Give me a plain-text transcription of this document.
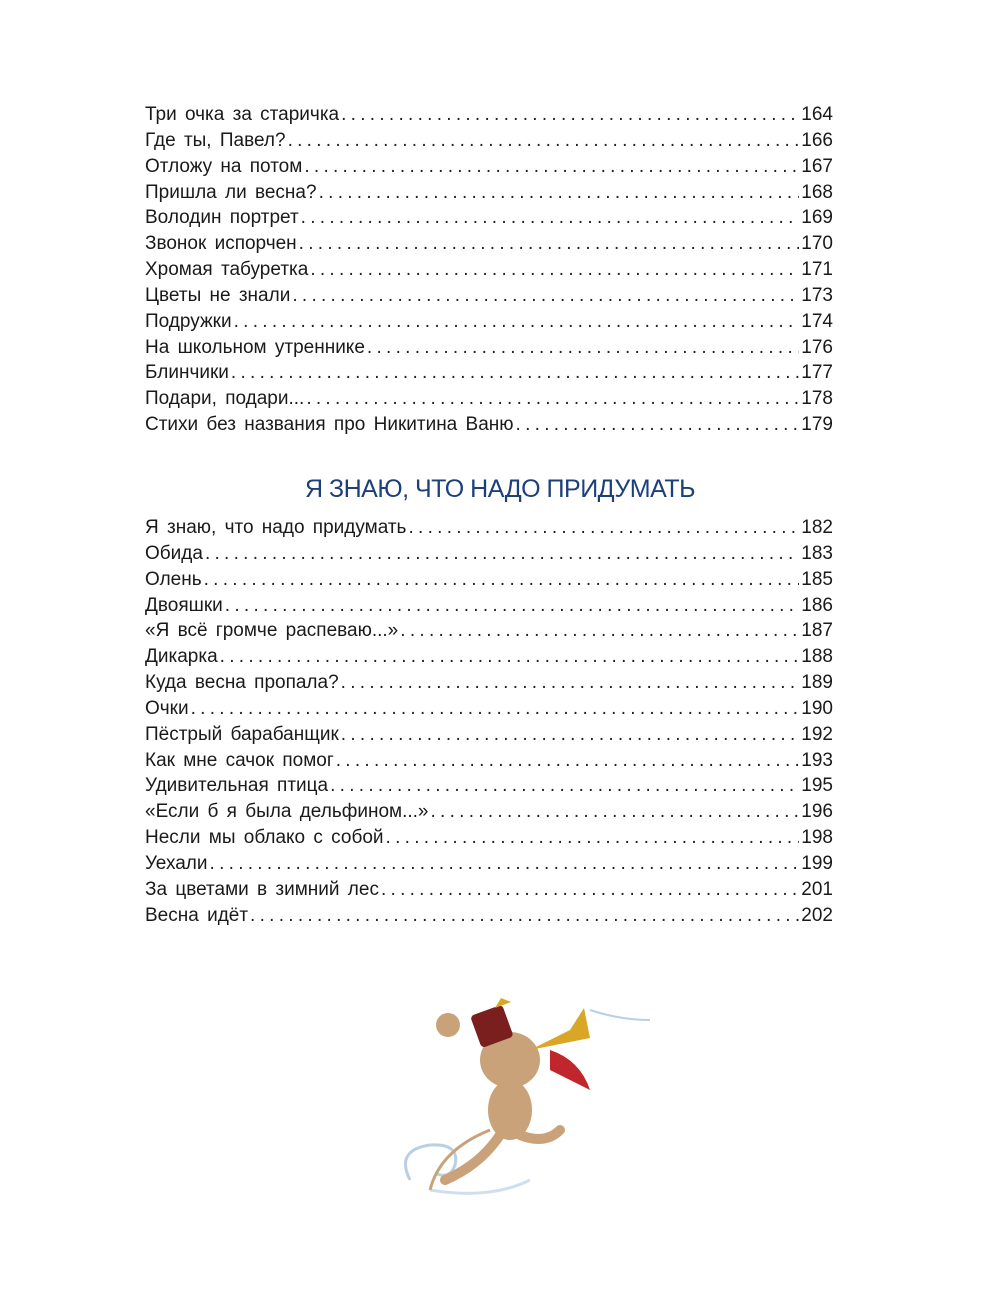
Три очка за старичка . . .	164
Где ты, Павел? . . .	166
Отложу на потом . . .	167
Пришла ли весна? . . .	168
Володин портрет . . .	169
Звонок испорчен . . .	170
Хромая табуретка . . .	171
Цветы не знали . . .	173
Подружки . . .	174
На школьном утреннике . . .	176
Блинчики . . .	177
Подари, подари... . . .	178
Стихи без названия про Никитина Ваню . . .	179
Я ЗНАЮ, ЧТО НАДО ПРИДУМАТЬ
Я знаю, что надо придумать . . .	182
Обида . . .	183
Олень . . .	185
Двояшки . . .	186
«Я всё громче распеваю...» . . .	187
Дикарка . . .	188
Куда весна пропала? . . .	189
Очки . . .	190
Пёстрый барабанщик . . .	192
Как мне сачок помог . . .	193
Удивительная птица . . .	195
«Если б я была дельфином...» . . .	196
Несли мы облако с собой . . .	198
Уехали . . .	199
За цветами в зимний лес . . .	201
Весна идёт . . .	202
